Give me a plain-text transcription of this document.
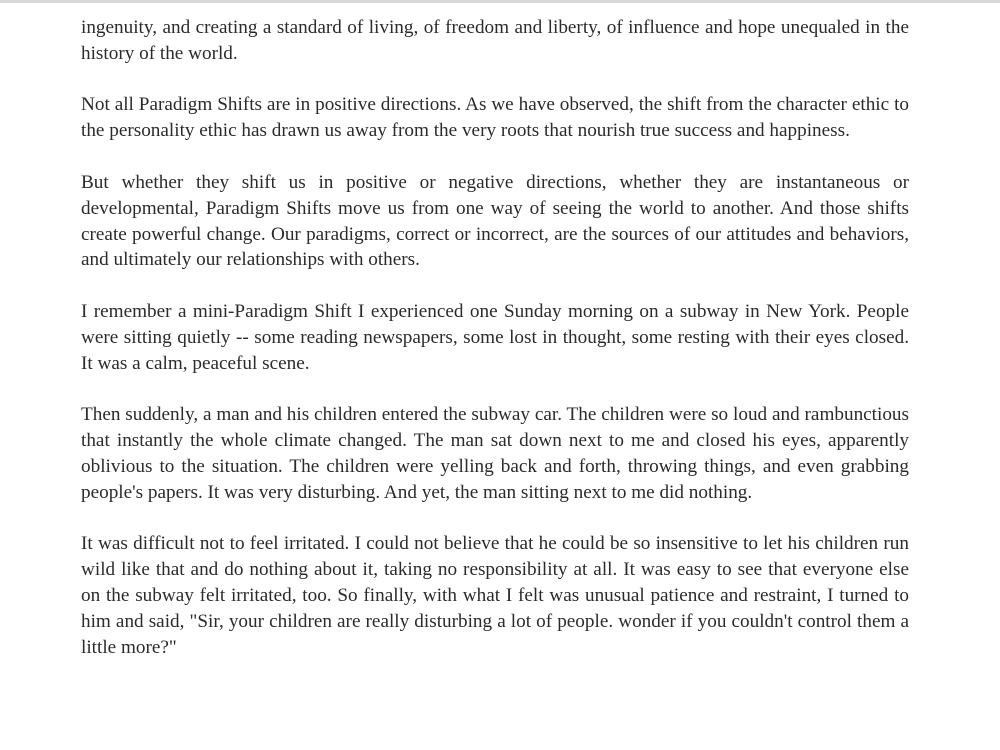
ingenuity, and creating a standard of living, of freedom and liberty, of influence and hope unequaled in the history of the world.

Not all Paradigm Shifts are in positive directions. As we have observed, the shift from the character ethic to the personality ethic has drawn us away from the very roots that nourish true success and happiness.

But whether they shift us in positive or negative directions, whether they are instantaneous or developmental, Paradigm Shifts move us from one way of seeing the world to another. And those shifts create powerful change. Our paradigms, correct or incorrect, are the sources of our attitudes and behaviors, and ultimately our relationships with others.

I remember a mini-Paradigm Shift I experienced one Sunday morning on a subway in New York. People were sitting quietly -- some reading newspapers, some lost in thought, some resting with their eyes closed. It was a calm, peaceful scene.

Then suddenly, a man and his children entered the subway car. The children were so loud and rambunctious that instantly the whole climate changed. The man sat down next to me and closed his eyes, apparently oblivious to the situation. The children were yelling back and forth, throwing things, and even grabbing people's papers. It was very disturbing. And yet, the man sitting next to me did nothing.

It was difficult not to feel irritated. I could not believe that he could be so insensitive to let his children run wild like that and do nothing about it, taking no responsibility at all. It was easy to see that everyone else on the subway felt irritated, too. So finally, with what I felt was unusual patience and restraint, I turned to him and said, "Sir, your children are really disturbing a lot of people. wonder if you couldn't control them a little more?"
